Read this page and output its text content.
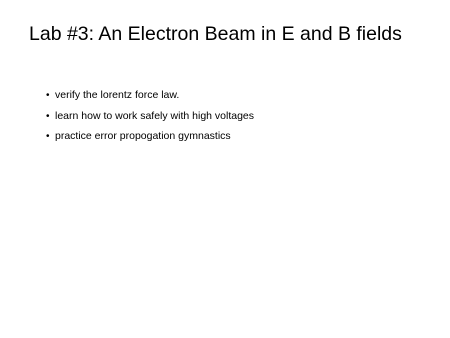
Lab #3: An Electron Beam in E and B fields
• verify the lorentz force law.
• learn how to work safely with high voltages
• practice error propogation gymnastics
